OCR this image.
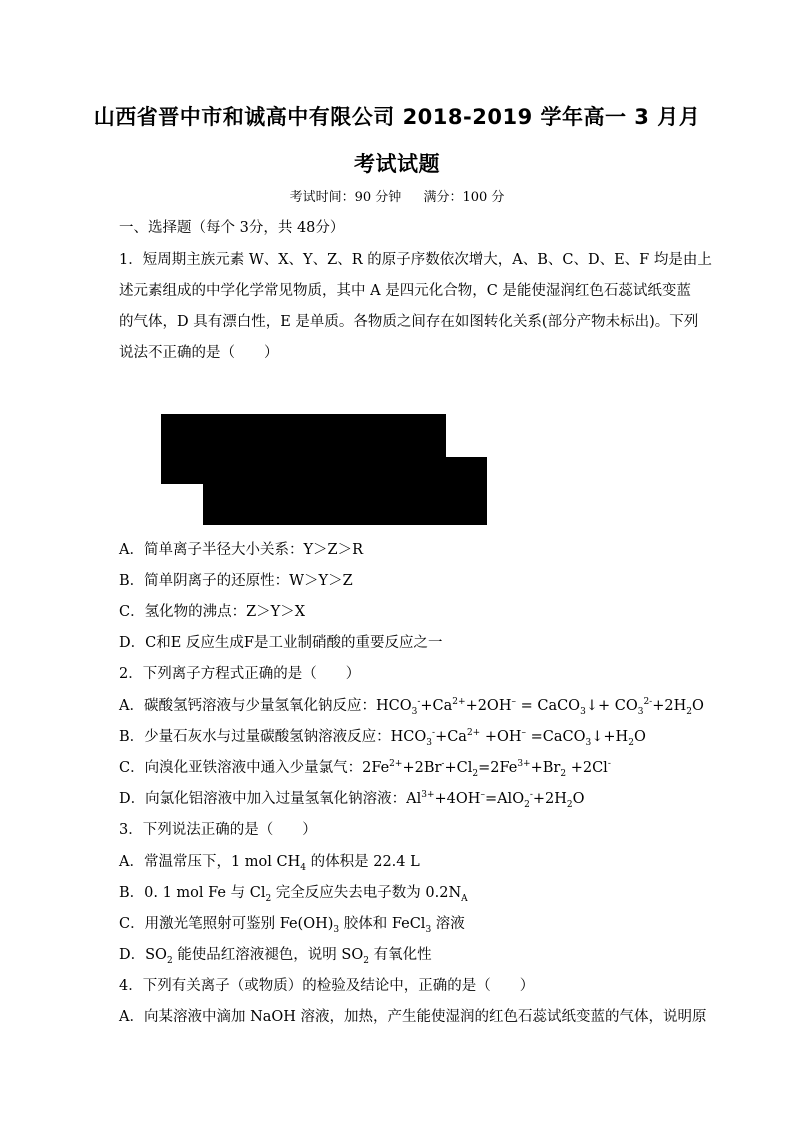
山西省晋中市和诚高中有限公司 2018-2019 学年高一 3 月月
考试试题
考试时间：90 分钟 满分：100 分
一、选择题（每个 3分，共 48分）
1．短周期主族元素 W、X、Y、Z、R 的原子序数依次增大，A、B、C、D、E、F 均是由上
述元素组成的中学化学常见物质，其中 A 是四元化合物，C 是能使湿润红色石蕊试纸变蓝
的气体，D 具有漂白性，E 是单质。各物质之间存在如图转化关系(部分产物未标出)。下列
说法不正确的是（　　）
A．简单离子半径大小关系：Y＞Z＞R
B．简单阴离子的还原性：W＞Y＞Z
C．氢化物的沸点：Z＞Y＞X
D．C和E 反应生成F是工业制硝酸的重要反应之一
2．下列离子方程式正确的是（　　）
A．碳酸氢钙溶液与少量氢氧化钠反应：$HCO_3^-+Ca^{2+}+2OH^-$ = CaCO$_3$↓+ $CO_3^{2-}+2H_2O$
B．少量石灰水与过量碳酸氢钠溶液反应：$HCO_3^-+Ca^{2+} +OH^-$ $=CaCO_3↓+H_2O$
C．向溴化亚铁溶液中通入少量氯气：$2Fe^{2+}+2Br^-+Cl_2=2Fe^{3+}+Br_2 +2Cl^-$
D．向氯化铝溶液中加入过量氢氧化钠溶液：$Al^{3+}+4OH^-=AlO_2^-+2H_2O$
3．下列说法正确的是（　　）
A．常温常压下，1 mol $CH_4$ 的体积是 22.4 L
B．0. 1 mol Fe 与 $Cl_2$ 完全反应失去电子数为 $0.2N_A$
C．用激光笔照射可鉴别 $Fe(OH)_3$ 胶体和 FeCl$_3$ 溶液
D．$SO_2$ 能使品红溶液褪色，说明 $SO_2$ 有氧化性
4．下列有关离子（或物质）的检验及结论中，正确的是（　　）
A．向某溶液中滴加 NaOH 溶液，加热，产生能使湿润的红色石蕊试纸变蓝的气体，说明原
